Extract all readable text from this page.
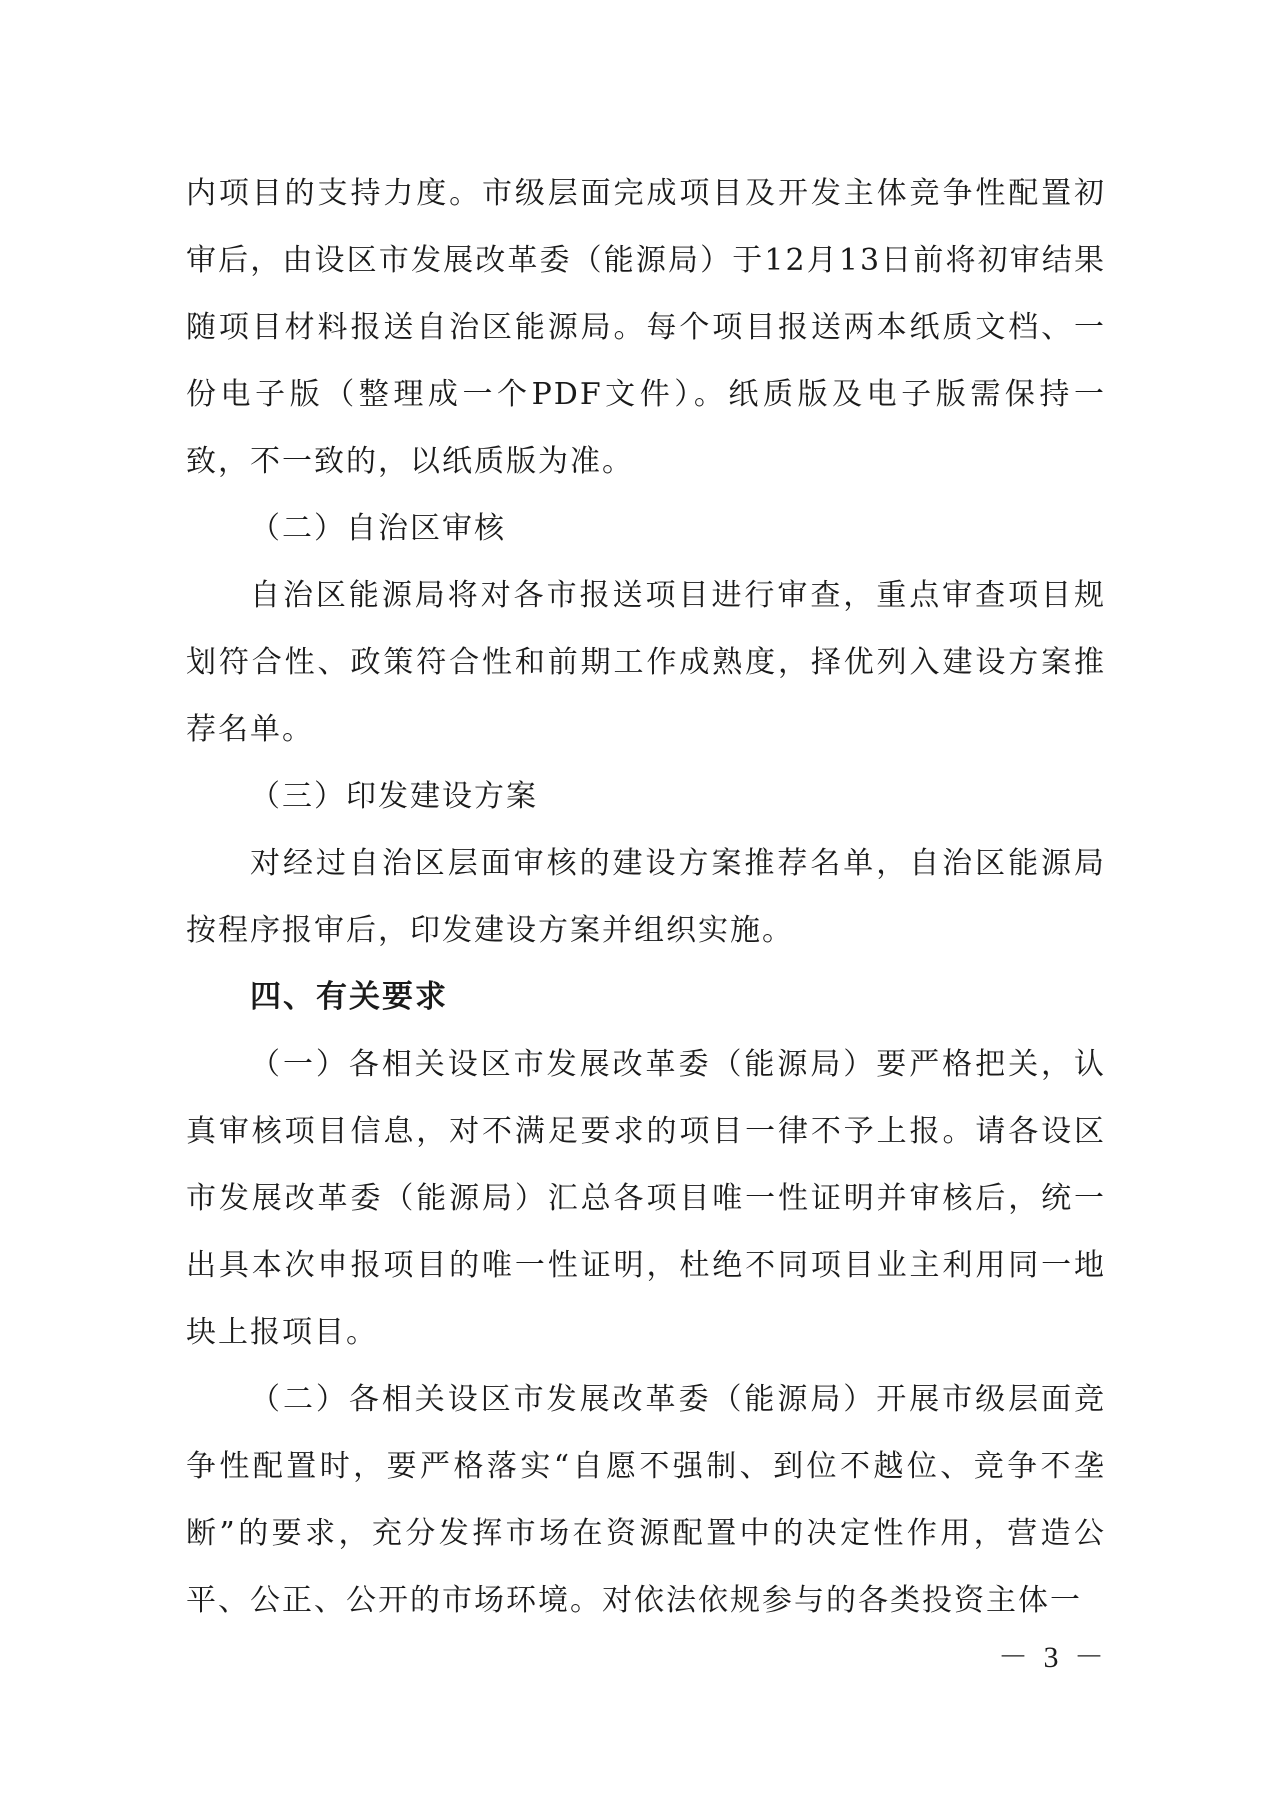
内项目的支持力度。市级层面完成项目及开发主体竞争性配置初审后，由设区市发展改革委（能源局）于12月13日前将初审结果随项目材料报送自治区能源局。每个项目报送两本纸质文档、一份电子版（整理成一个PDF文件）。纸质版及电子版需保持一致，不一致的，以纸质版为准。

（二）自治区审核

自治区能源局将对各市报送项目进行审查，重点审查项目规划符合性、政策符合性和前期工作成熟度，择优列入建设方案推荐名单。

（三）印发建设方案

对经过自治区层面审核的建设方案推荐名单，自治区能源局按程序报审后，印发建设方案并组织实施。

四、有关要求

（一）各相关设区市发展改革委（能源局）要严格把关，认真审核项目信息，对不满足要求的项目一律不予上报。请各设区市发展改革委（能源局）汇总各项目唯一性证明并审核后，统一出具本次申报项目的唯一性证明，杜绝不同项目业主利用同一地块上报项目。

（二）各相关设区市发展改革委（能源局）开展市级层面竞争性配置时，要严格落实“自愿不强制、到位不越位、竞争不垄断”的要求，充分发挥市场在资源配置中的决定性作用，营造公平、公正、公开的市场环境。对依法依规参与的各类投资主体一

－ 3 －
